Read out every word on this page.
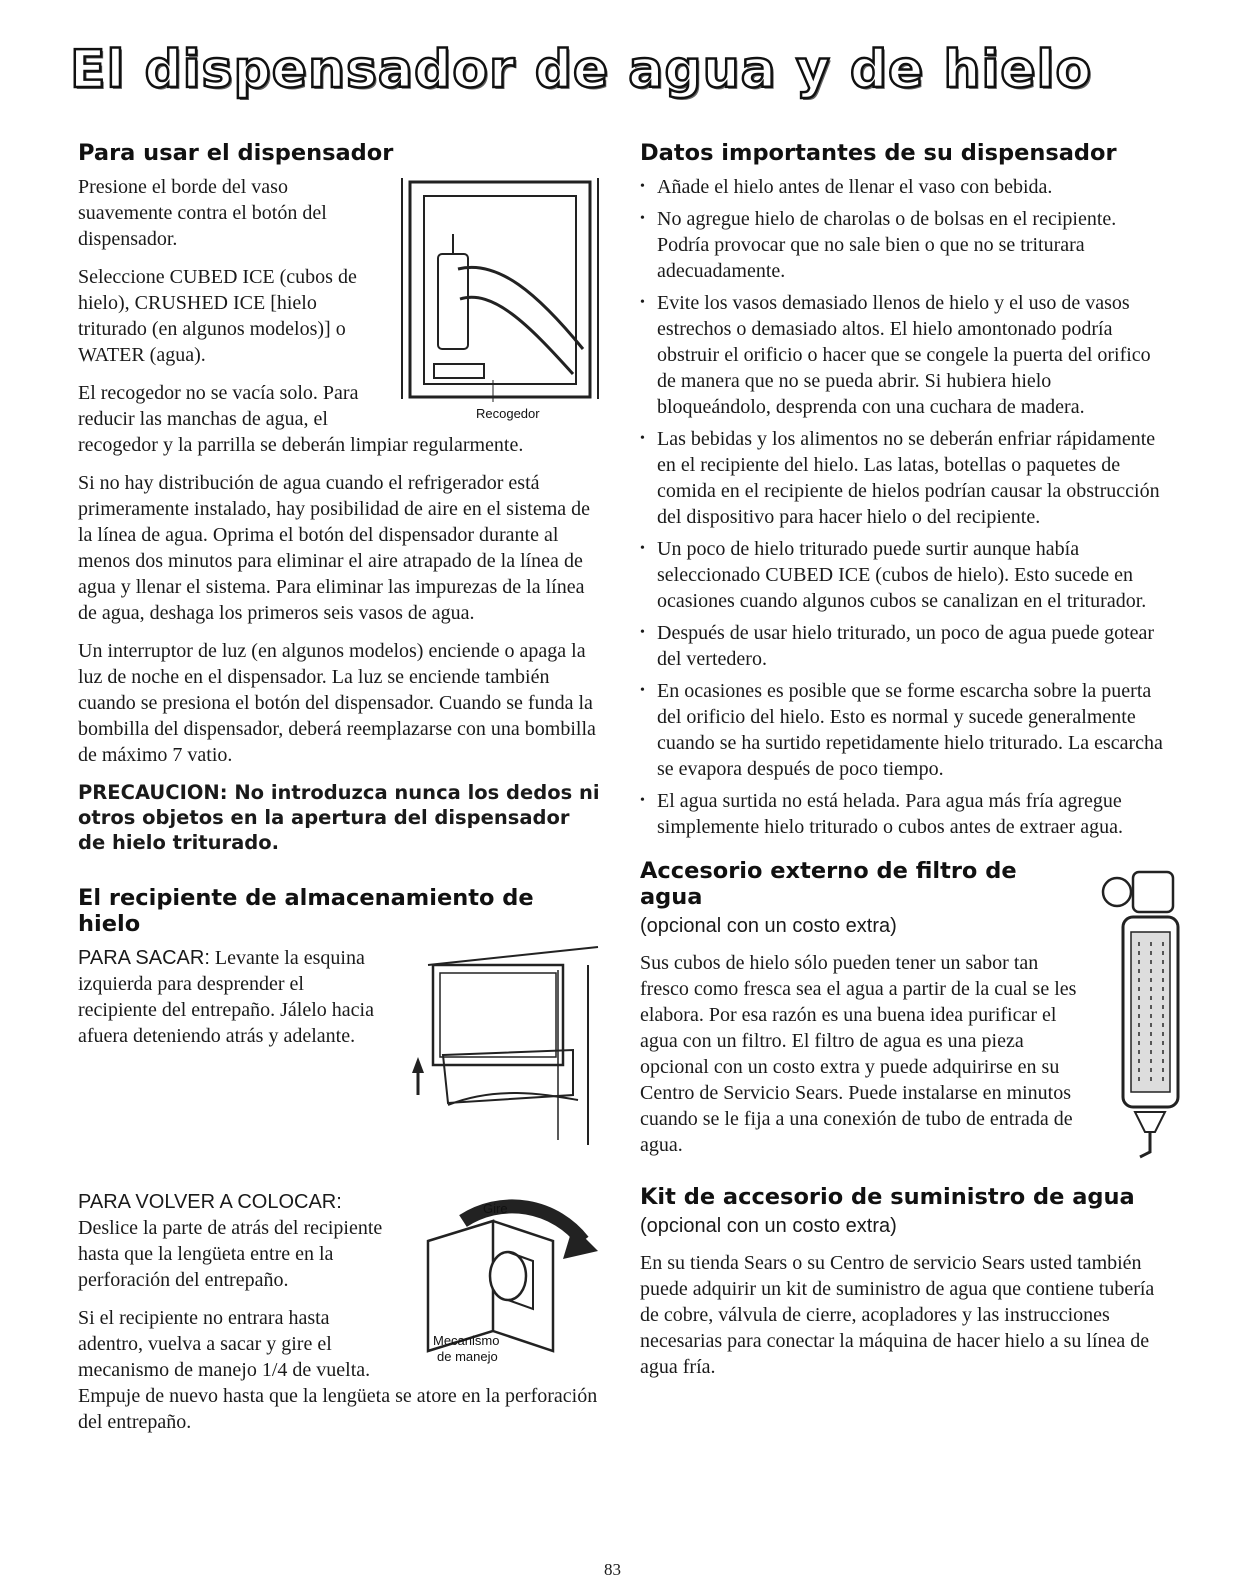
El dispensador de agua y de hielo
Para usar el dispensador
Recogedor

Presione el borde del vaso suavemente contra el botón del dispensador.

Seleccione CUBED ICE (cubos de hielo), CRUSHED ICE [hielo triturado (en algunos modelos)] o WATER (agua).

El recogedor no se vacía solo. Para reducir las manchas de agua, el recogedor y la parrilla se deberán limpiar regularmente.

Si no hay distribución de agua cuando el refrigerador está primeramente instalado, hay posibilidad de aire en el sistema de la línea de agua. Oprima el botón del dispensador durante al menos dos minutos para eliminar el aire atrapado de la línea de agua y llenar el sistema. Para eliminar las impurezas de la línea de agua, deshaga los primeros seis vasos de agua.

Un interruptor de luz (en algunos modelos) enciende o apaga la luz de noche en el dispensador. La luz se enciende también cuando se presiona el botón del dispensador. Cuando se funda la bombilla del dispensador, deberá reemplazarse con una bombilla de máximo 7 vatio.

PRECAUCION: No introduzca nunca los dedos ni otros objetos en la apertura del dispensador de hielo triturado.
El recipiente de almacenamiento de hielo

PARA SACAR: Levante la esquina izquierda para desprender el recipiente del entrepaño. Jálelo hacia afuera deteniendo atrás y adelante.

Gire
Mecanismo
de manejo

PARA VOLVER A COLOCAR: Deslice la parte de atrás del recipiente hasta que la lengüeta entre en la perforación del entrepaño.

Si el recipiente no entrara hasta adentro, vuelva a sacar y gire el mecanismo de manejo 1/4 de vuelta. Empuje de nuevo hasta que la lengüeta se atore en la perforación del entrepaño.

Datos importantes de su dispensador
• Añade el hielo antes de llenar el vaso con bebida.
• No agregue hielo de charolas o de bolsas en el recipiente. Podría provocar que no sale bien o que no se triturara adecuadamente.
• Evite los vasos demasiado llenos de hielo y el uso de vasos estrechos o demasiado altos. El hielo amontonado podría obstruir el orificio o hacer que se congele la puerta del orifico de manera que no se pueda abrir. Si hubiera hielo bloqueándolo, desprenda con una cuchara de madera.
• Las bebidas y los alimentos no se deberán enfriar rápidamente en el recipiente del hielo. Las latas, botellas o paquetes de comida en el recipiente de hielos podrían causar la obstrucción del dispositivo para hacer hielo o del recipiente.
• Un poco de hielo triturado puede surtir aunque había seleccionado CUBED ICE (cubos de hielo). Esto sucede en ocasiones cuando algunos cubos se canalizan en el triturador.
• Después de usar hielo triturado, un poco de agua puede gotear del vertedero.
• En ocasiones es posible que se forme escarcha sobre la puerta del orificio del hielo. Esto es normal y sucede generalmente cuando se ha surtido repetidamente hielo triturado. La escarcha se evapora después de poco tiempo.
• El agua surtida no está helada. Para agua más fría agregue simplemente hielo triturado o cubos antes de extraer agua.
Accesorio externo de filtro de agua
(opcional con un costo extra)

Sus cubos de hielo sólo pueden tener un sabor tan fresco como fresca sea el agua a partir de la cual se les elabora. Por esa razón es una buena idea purificar el agua con un filtro. El filtro de agua es una pieza opcional con un costo extra y puede adquirirse en su Centro de Servicio Sears. Puede instalarse en minutos cuando se le fija a una conexión de tubo de entrada de agua.

Kit de accesorio de suministro de agua
(opcional con un costo extra)

En su tienda Sears o su Centro de servicio Sears usted también puede adquirir un kit de suministro de agua que contiene tubería de cobre, válvula de cierre, acopladores y las instrucciones necesarias para conectar la máquina de hacer hielo a su línea de agua fría.

83
